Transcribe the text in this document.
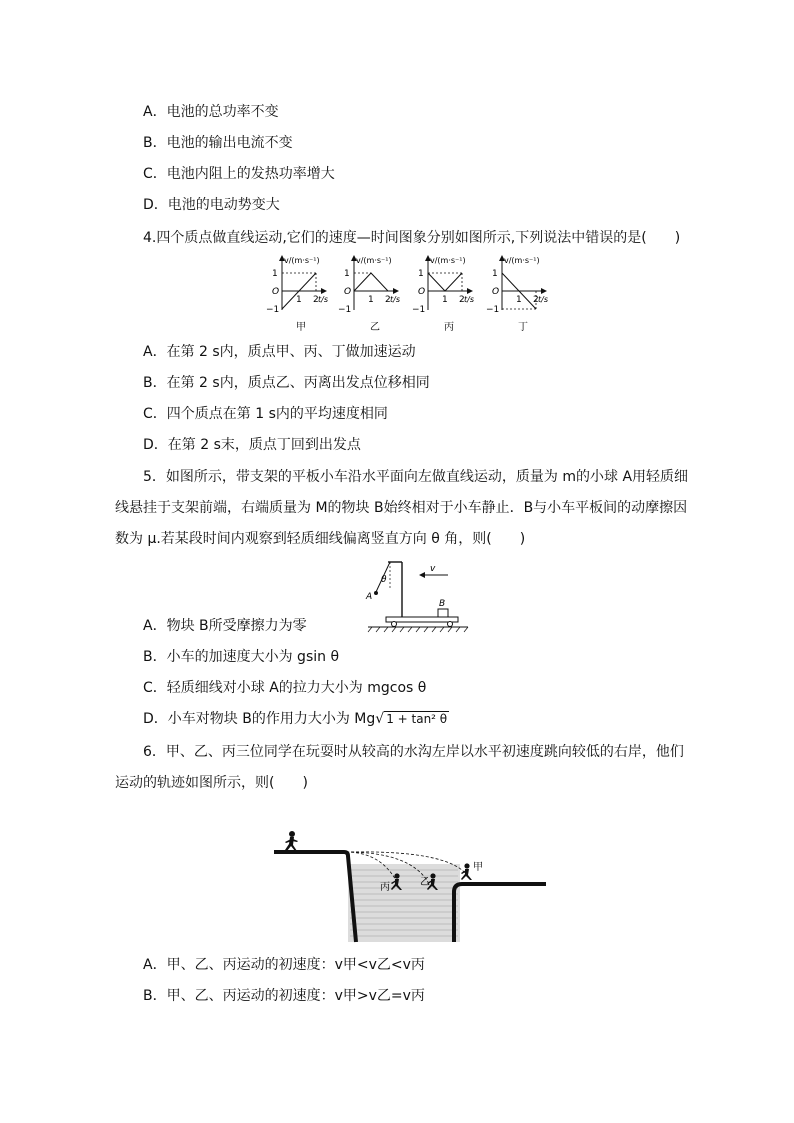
A．电池的总功率不变
B．电池的输出电流不变
C．电池内阻上的发热功率增大
D．电池的电动势变大
4.四个质点做直线运动,它们的速度—时间图象分别如图所示,下列说法中错误的是(　　)
v/(m·s⁻¹)
1
O
−1
1 2 t/s
甲
v/(m·s⁻¹)
1
O
−1
1 2 t/s
乙
v/(m·s⁻¹)
1
O
−1
1 2 t/s
丙
v/(m·s⁻¹)
1
O
−1
1 2 t/s
丁
A．在第 2 s内，质点甲、丙、丁做加速运动
B．在第 2 s内，质点乙、丙离出发点位移相同
C．四个质点在第 1 s内的平均速度相同
D．在第 2 s末，质点丁回到出发点
5．如图所示，带支架的平板小车沿水平面向左做直线运动，质量为 m的小球 A用轻质细
线悬挂于支架前端，右端质量为 M的物块 B始终相对于小车静止．B与小车平板间的动摩擦因
数为 μ.若某段时间内观察到轻质细线偏离竖直方向 θ 角，则(　　)
θ
A
B
v
A．物块 B所受摩擦力为零
B．小车的加速度大小为 gsin θ
C．轻质细线对小球 A的拉力大小为 mgcos θ
D．小车对物块 B的作用力大小为 Mg√ 1 + tan² θ
6．甲、乙、丙三位同学在玩耍时从较高的水沟左岸以水平初速度跳向较低的右岸，他们
运动的轨迹如图所示，则(　　)
丙	乙
甲
A．甲、乙、丙运动的初速度：v甲<v乙<v丙
B．甲、乙、丙运动的初速度：v甲>v乙=v丙
